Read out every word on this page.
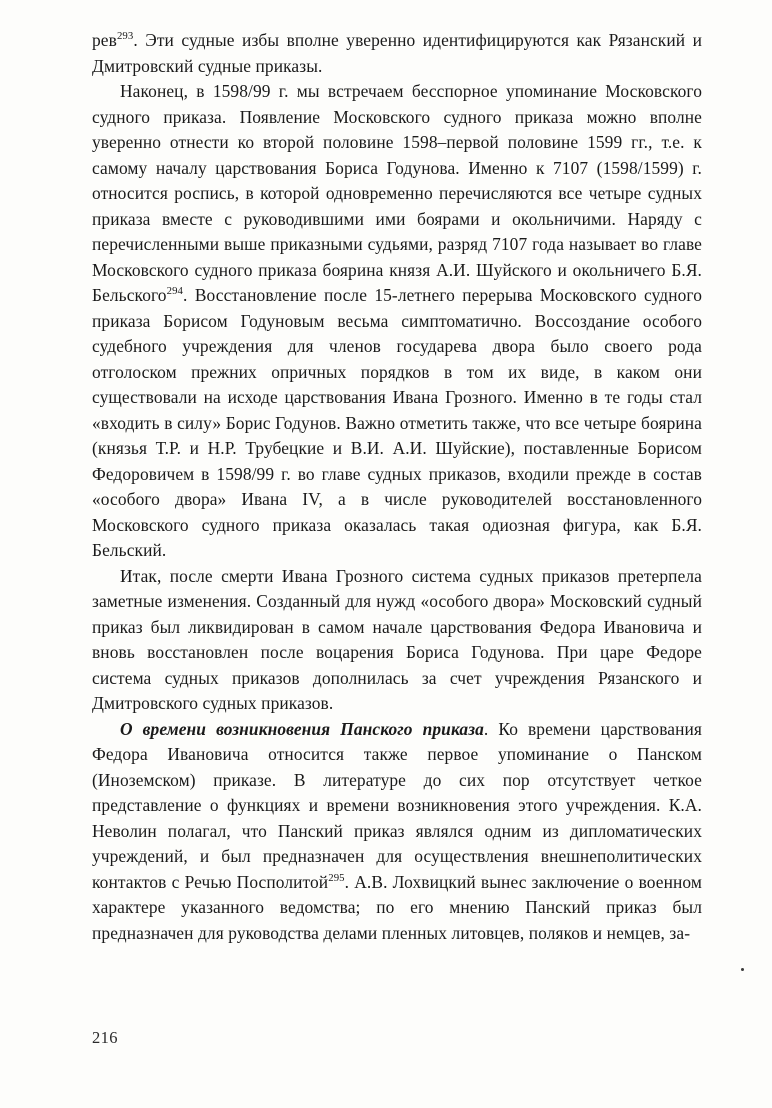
рев$^{293}$. Эти судные избы вполне уверенно идентифицируются как Рязанский и Дмитровский судные приказы.

Наконец, в 1598/99 г. мы встречаем бесспорное упоминание Московского судного приказа. Появление Московского судного приказа можно вполне уверенно отнести ко второй половине 1598–первой половине 1599 гг., т.е. к самому началу царствования Бориса Годунова. Именно к 7107 (1598/1599) г. относится роспись, в которой одновременно перечисляются все четыре судных приказа вместе с руководившими ими боярами и окольничими. Наряду с перечисленными выше приказными судьями, разряд 7107 года называет во главе Московского судного приказа боярина князя А.И. Шуйского и окольничего Б.Я. Бельского$^{294}$. Восстановление после 15-летнего перерыва Московского судного приказа Борисом Годуновым весьма симптоматично. Воссоздание особого судебного учреждения для членов государева двора было своего рода отголоском прежних опричных порядков в том их виде, в каком они существовали на исходе царствования Ивана Грозного. Именно в те годы стал «входить в силу» Борис Годунов. Важно отметить также, что все четыре боярина (князья Т.Р. и Н.Р. Трубецкие и В.И. А.И. Шуйские), поставленные Борисом Федоровичем в 1598/99 г. во главе судных приказов, входили прежде в состав «особого двора» Ивана IV, а в числе руководителей восстановленного Московского судного приказа оказалась такая одиозная фигура, как Б.Я. Бельский.

Итак, после смерти Ивана Грозного система судных приказов претерпела заметные изменения. Созданный для нужд «особого двора» Московский судный приказ был ликвидирован в самом начале царствования Федора Ивановича и вновь восстановлен после воцарения Бориса Годунова. При царе Федоре система судных приказов дополнилась за счет учреждения Рязанского и Дмитровского судных приказов.

О времени возникновения Панского приказа. Ко времени царствования Федора Ивановича относится также первое упоминание о Панском (Иноземском) приказе. В литературе до сих пор отсутствует четкое представление о функциях и времени возникновения этого учреждения. К.А. Неволин полагал, что Панский приказ являлся одним из дипломатических учреждений, и был предназначен для осуществления внешнеполитических контактов с Речью Посполитой$^{295}$. А.В. Лохвицкий вынес заключение о военном характере указанного ведомства; по его мнению Панский приказ был предназначен для руководства делами пленных литовцев, поляков и немцев, за-

216
